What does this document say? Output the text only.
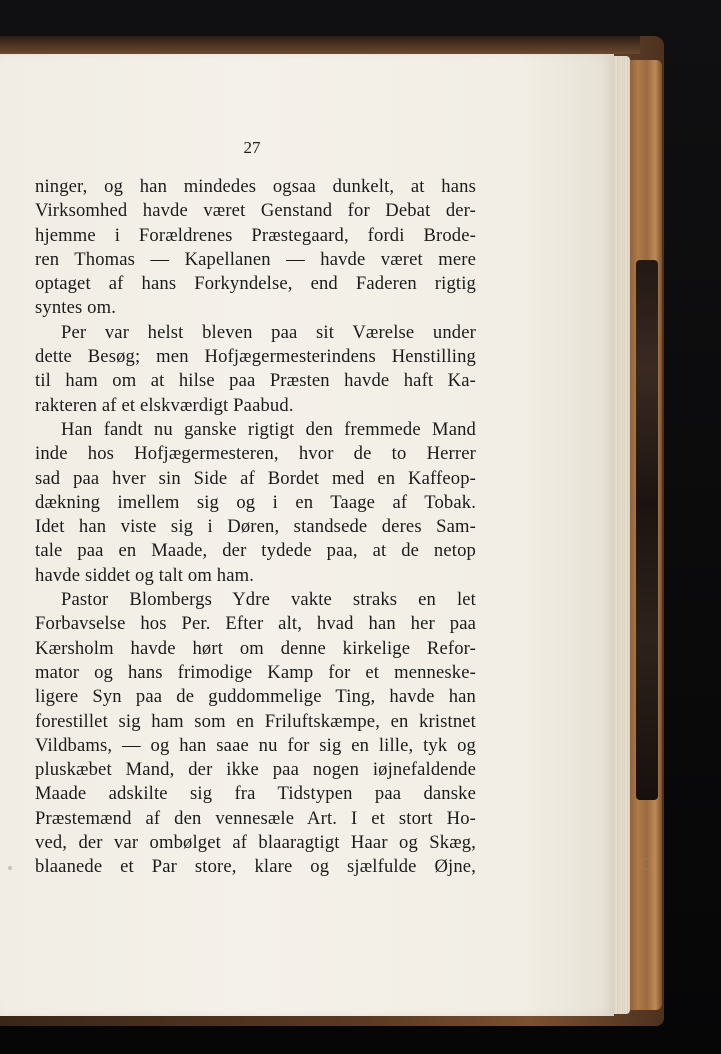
27

ninger, og han mindedes ogsaa dunkelt, at hans
Virksomhed havde været Genstand for Debat der-
hjemme i Forældrenes Præstegaard, fordi Brode-
ren Thomas — Kapellanen — havde været mere
optaget af hans Forkyndelse, end Faderen rigtig
syntes om.
Per var helst bleven paa sit Værelse under
dette Besøg; men Hofjægermesterindens Henstilling
til ham om at hilse paa Præsten havde haft Ka-
rakteren af et elskværdigt Paabud.
Han fandt nu ganske rigtigt den fremmede Mand
inde hos Hofjægermesteren, hvor de to Herrer
sad paa hver sin Side af Bordet med en Kaffeop-
dækning imellem sig og i en Taage af Tobak.
Idet han viste sig i Døren, standsede deres Sam-
tale paa en Maade, der tydede paa, at de netop
havde siddet og talt om ham.
Pastor Blombergs Ydre vakte straks en let
Forbavselse hos Per. Efter alt, hvad han her paa
Kærsholm havde hørt om denne kirkelige Refor-
mator og hans frimodige Kamp for et menneske-
ligere Syn paa de guddommelige Ting, havde han
forestillet sig ham som en Friluftskæmpe, en kristnet
Vildbams, — og han saae nu for sig en lille, tyk og
pluskæbet Mand, der ikke paa nogen iøjnefaldende
Maade adskilte sig fra Tidstypen paa danske
Præstemænd af den vennesæle Art. I et stort Ho-
ved, der var ombølget af blaaragtigt Haar og Skæg,
blaanede et Par store, klare og sjælfulde Øjne,
